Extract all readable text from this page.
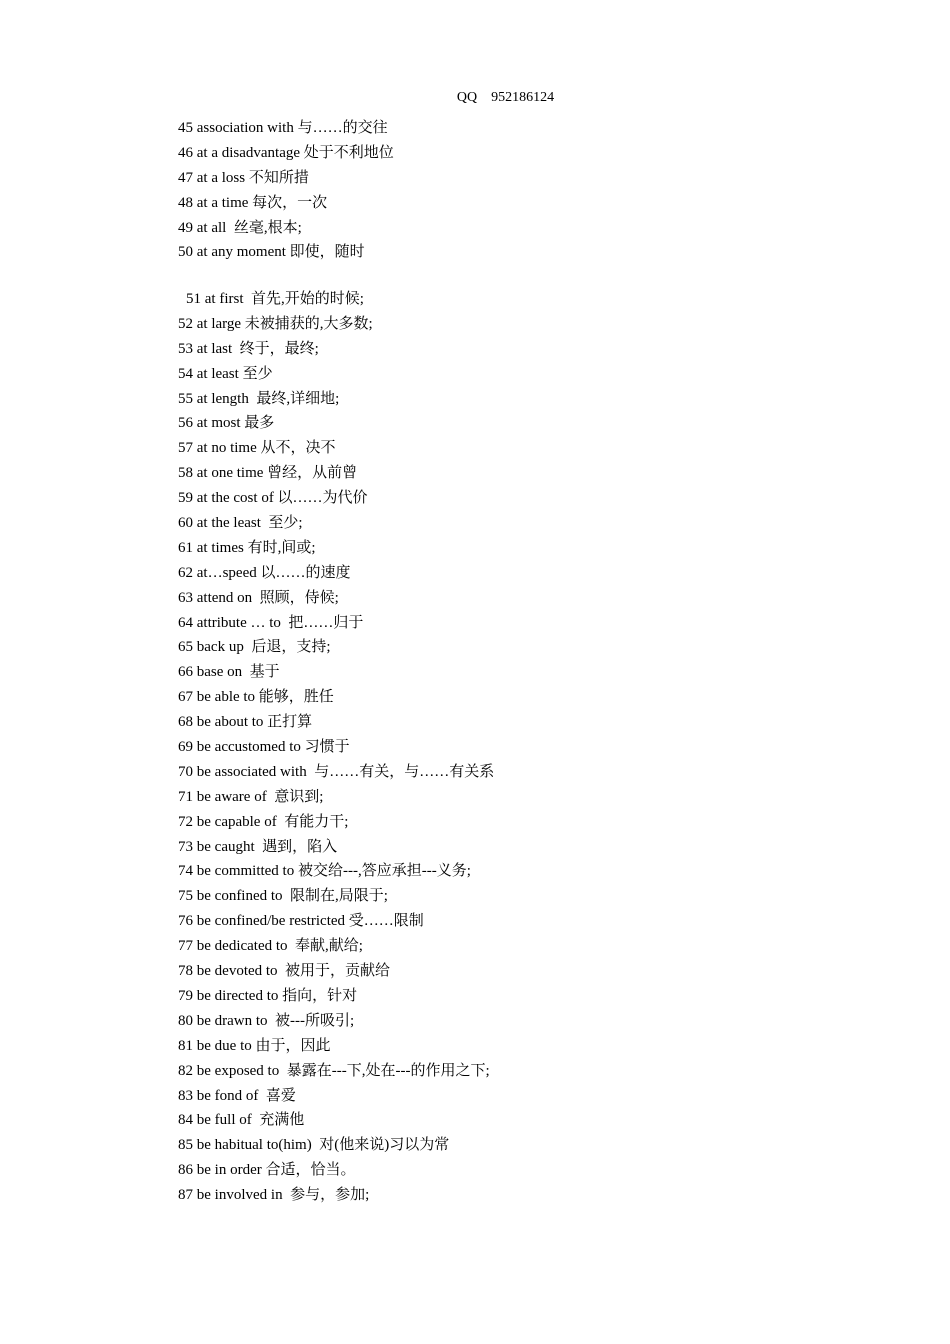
QQ    952186124
45 association with 与……的交往
46 at a disadvantage 处于不利地位
47 at a loss 不知所措
48 at a time 每次，一次
49 at all  丝毫,根本;
50 at any moment 即使，随时
51 at first  首先,开始的时候;
52 at large 未被捕获的,大多数;
53 at last  终于，最终;
54 at least 至少
55 at length  最终,详细地;
56 at most 最多
57 at no time 从不，决不
58 at one time 曾经，从前曾
59 at the cost of 以……为代价
60 at the least  至少;
61 at times 有时,间或;
62 at…speed 以……的速度
63 attend on  照顾，侍候;
64 attribute … to  把……归于
65 back up  后退，支持;
66 base on  基于
67 be able to 能够，胜任
68 be about to 正打算
69 be accustomed to 习惯于
70 be associated with  与……有关，与……有关系
71 be aware of  意识到;
72 be capable of  有能力干;
73 be caught  遇到，陷入
74 be committed to 被交给---,答应承担---义务;
75 be confined to  限制在,局限于;
76 be confined/be restricted 受……限制
77 be dedicated to  奉献,献给;
78 be devoted to  被用于，贡献给
79 be directed to 指向，针对
80 be drawn to  被---所吸引;
81 be due to 由于，因此
82 be exposed to  暴露在---下,处在---的作用之下;
83 be fond of  喜爱
84 be full of  充满他
85 be habitual to(him)  对(他来说)习以为常
86 be in order 合适，恰当。
87 be involved in  参与，参加;
